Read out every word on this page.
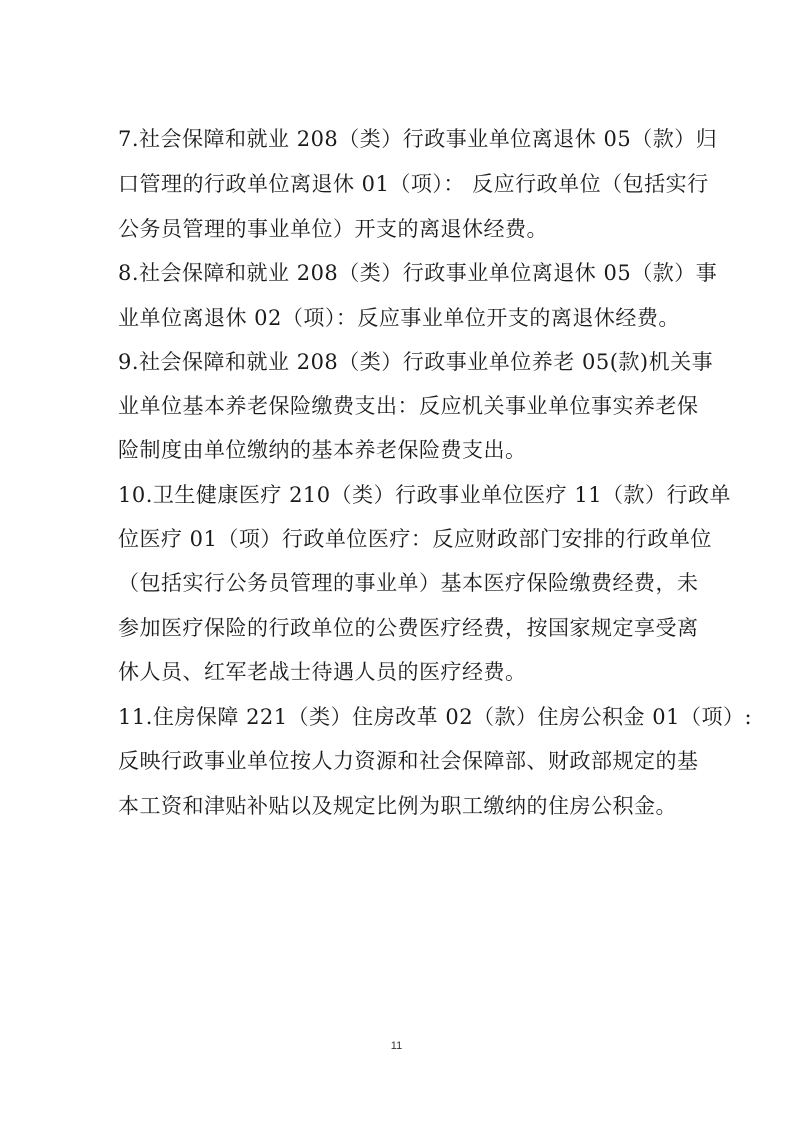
7.社会保障和就业 208（类）行政事业单位离退休 05（款）归
口管理的行政单位离退休 01（项）： 反应行政单位（包括实行
公务员管理的事业单位）开支的离退休经费。
8.社会保障和就业 208（类）行政事业单位离退休 05（款）事
业单位离退休 02（项）：反应事业单位开支的离退休经费。
9.社会保障和就业 208（类）行政事业单位养老 05(款)机关事
业单位基本养老保险缴费支出：反应机关事业单位事实养老保
险制度由单位缴纳的基本养老保险费支出。
10.卫生健康医疗 210（类）行政事业单位医疗 11（款）行政单
位医疗 01（项）行政单位医疗：反应财政部门安排的行政单位
（包括实行公务员管理的事业单）基本医疗保险缴费经费，未
参加医疗保险的行政单位的公费医疗经费，按国家规定享受离
休人员、红军老战士待遇人员的医疗经费。
11.住房保障 221（类）住房改革 02（款）住房公积金 01（项）:
反映行政事业单位按人力资源和社会保障部、财政部规定的基
本工资和津贴补贴以及规定比例为职工缴纳的住房公积金。
11
